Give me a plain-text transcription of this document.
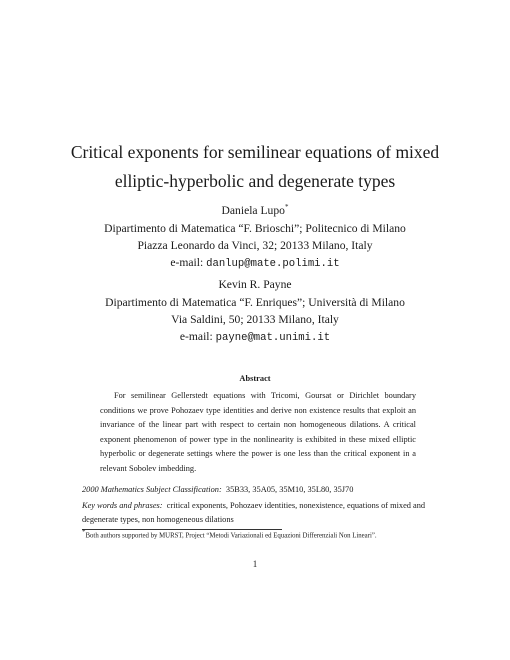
Critical exponents for semilinear equations of mixed
elliptic-hyperbolic and degenerate types
Daniela Lupo*
Dipartimento di Matematica “F. Brioschi”; Politecnico di Milano
Piazza Leonardo da Vinci, 32; 20133 Milano, Italy
e-mail: danlup@mate.polimi.it
Kevin R. Payne
Dipartimento di Matematica “F. Enriques”; Università di Milano
Via Saldini, 50; 20133 Milano, Italy
e-mail: payne@mat.unimi.it
Abstract
For semilinear Gellerstedt equations with Tricomi, Goursat or Dirichlet boundary conditions we prove Pohozaev type identities and derive non existence results that exploit an invariance of the linear part with respect to certain non homogeneous dilations. A critical exponent phenomenon of power type in the nonlinearity is exhibited in these mixed elliptic hyperbolic or degenerate settings where the power is one less than the critical exponent in a relevant Sobolev imbedding.
2000 Mathematics Subject Classification: 35B33, 35A05, 35M10, 35L80, 35J70
Key words and phrases: critical exponents, Pohozaev identities, nonexistence, equations of mixed and degenerate types, non homogeneous dilations
*Both authors supported by MURST, Project “Metodi Variazionali ed Equazioni Differenziali Non Lineari”.
1
